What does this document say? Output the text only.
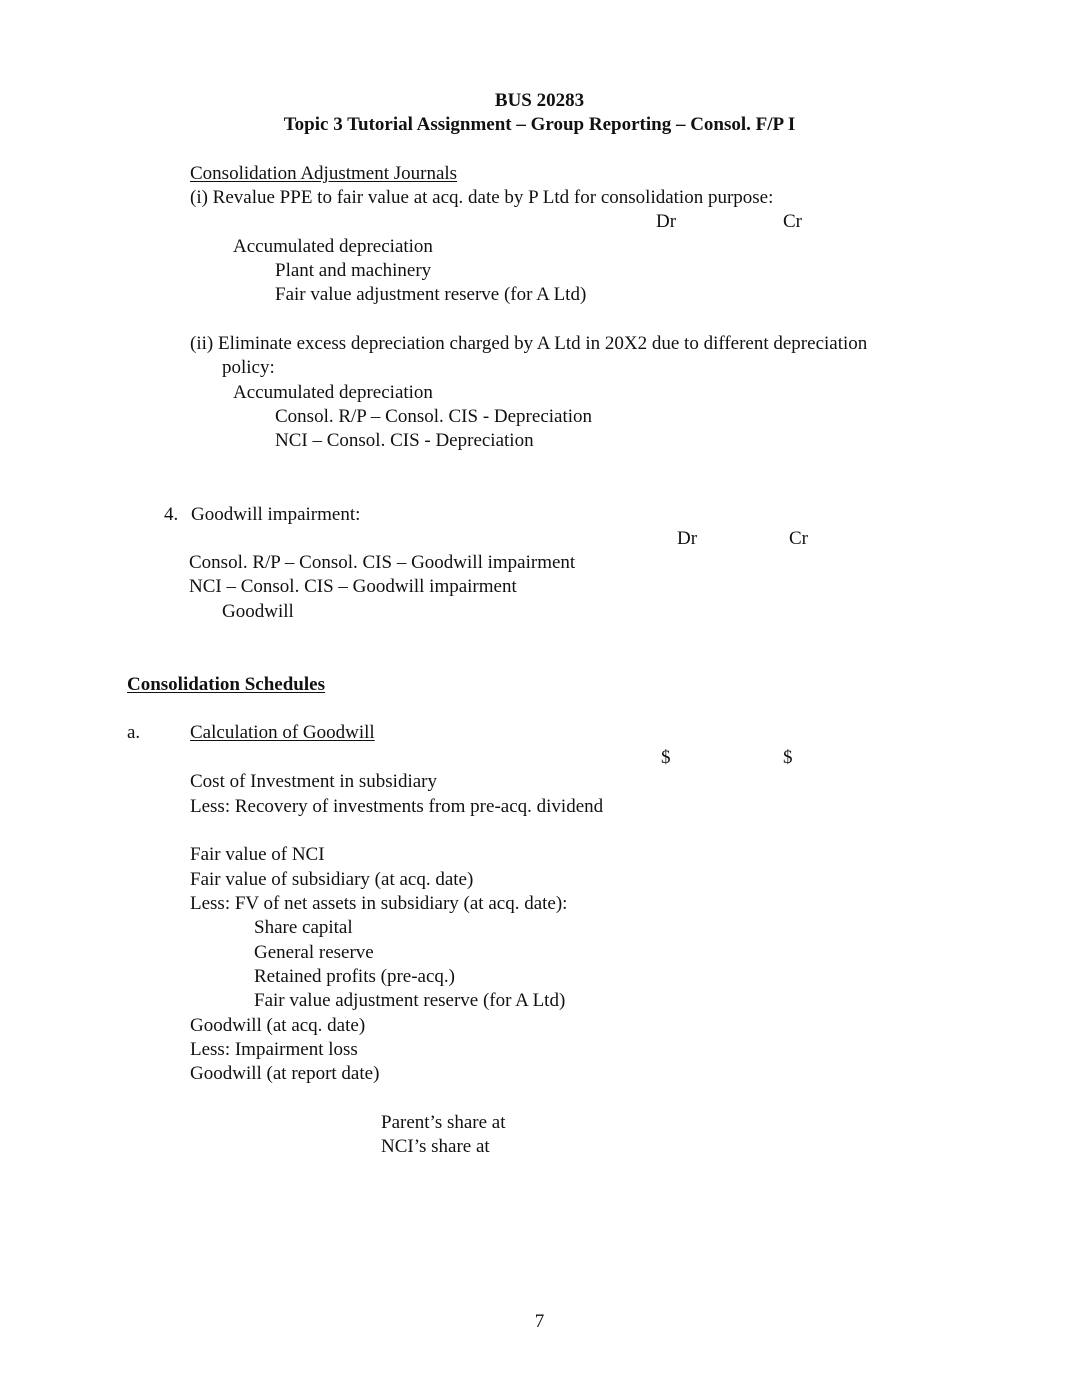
BUS 20283
Topic 3 Tutorial Assignment – Group Reporting – Consol. F/P I
Consolidation Adjustment Journals
(i) Revalue PPE to fair value at acq. date by P Ltd for consolidation purpose:
Dr	Cr
Accumulated depreciation
Plant and machinery
Fair value adjustment reserve (for A Ltd)
(ii) Eliminate excess depreciation charged by A Ltd in 20X2 due to different depreciation
policy:
Accumulated depreciation
Consol. R/P – Consol. CIS - Depreciation
NCI – Consol. CIS - Depreciation
4. Goodwill impairment:
Dr	Cr
Consol. R/P – Consol. CIS – Goodwill impairment
NCI – Consol. CIS – Goodwill impairment
Goodwill
Consolidation Schedules
a.	Calculation of Goodwill
$	$
Cost of Investment in subsidiary
Less: Recovery of investments from pre-acq. dividend
Fair value of NCI
Fair value of subsidiary (at acq. date)
Less: FV of net assets in subsidiary (at acq. date):
Share capital
General reserve
Retained profits (pre-acq.)
Fair value adjustment reserve (for A Ltd)
Goodwill (at acq. date)
Less: Impairment loss
Goodwill (at report date)
Parent’s share at
NCI’s share at
7
